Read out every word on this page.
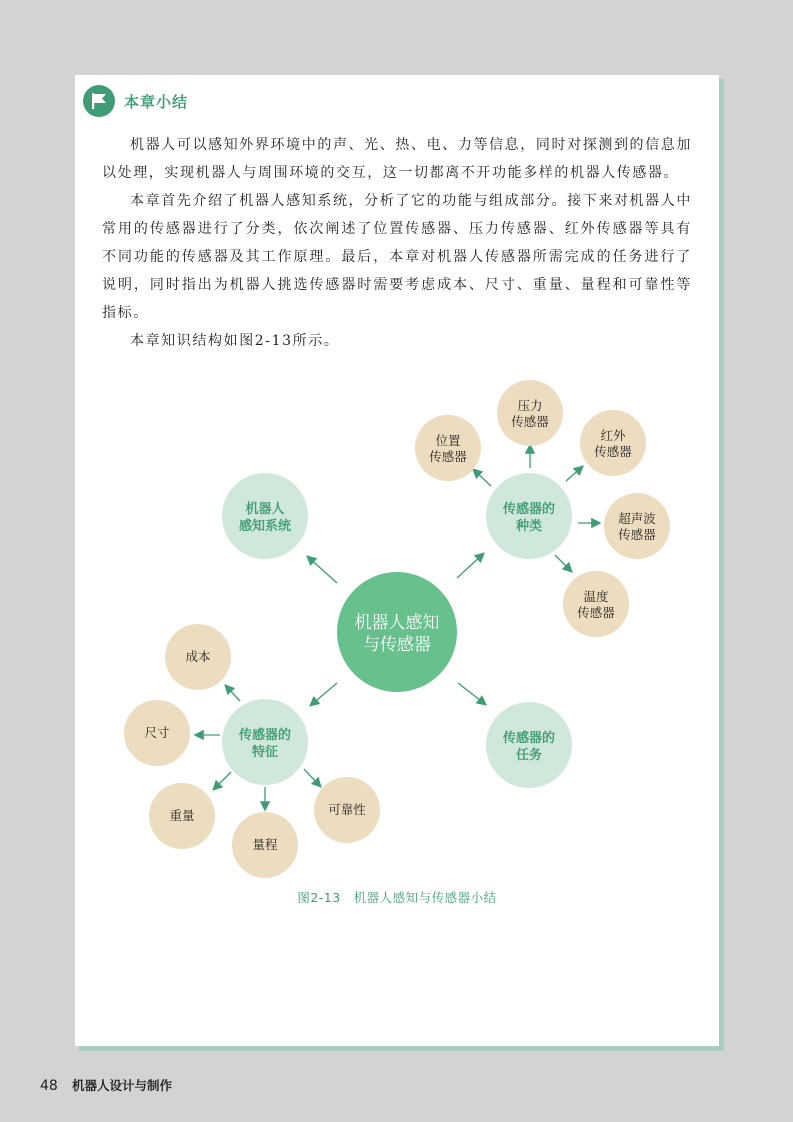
本章小结

机器人可以感知外界环境中的声、光、热、电、力等信息，同时对探测到的信息加以处理，实现机器人与周围环境的交互，这一切都离不开功能多样的机器人传感器。

本章首先介绍了机器人感知系统，分析了它的功能与组成部分。接下来对机器人中常用的传感器进行了分类，依次阐述了位置传感器、压力传感器、红外传感器等具有不同功能的传感器及其工作原理。最后，本章对机器人传感器所需完成的任务进行了说明，同时指出为机器人挑选传感器时需要考虑成本、尺寸、重量、量程和可靠性等指标。

本章知识结构如图2-13所示。

机器人感知
与传感器
机器人
感知系统
传感器的
种类
传感器的
任务
传感器的
特征
位置
传感器
压力
传感器
红外
传感器
超声波
传感器
温度
传感器
成本
尺寸
重量
量程
可靠性
图2-13　机器人感知与传感器小结
48 机器人设计与制作
